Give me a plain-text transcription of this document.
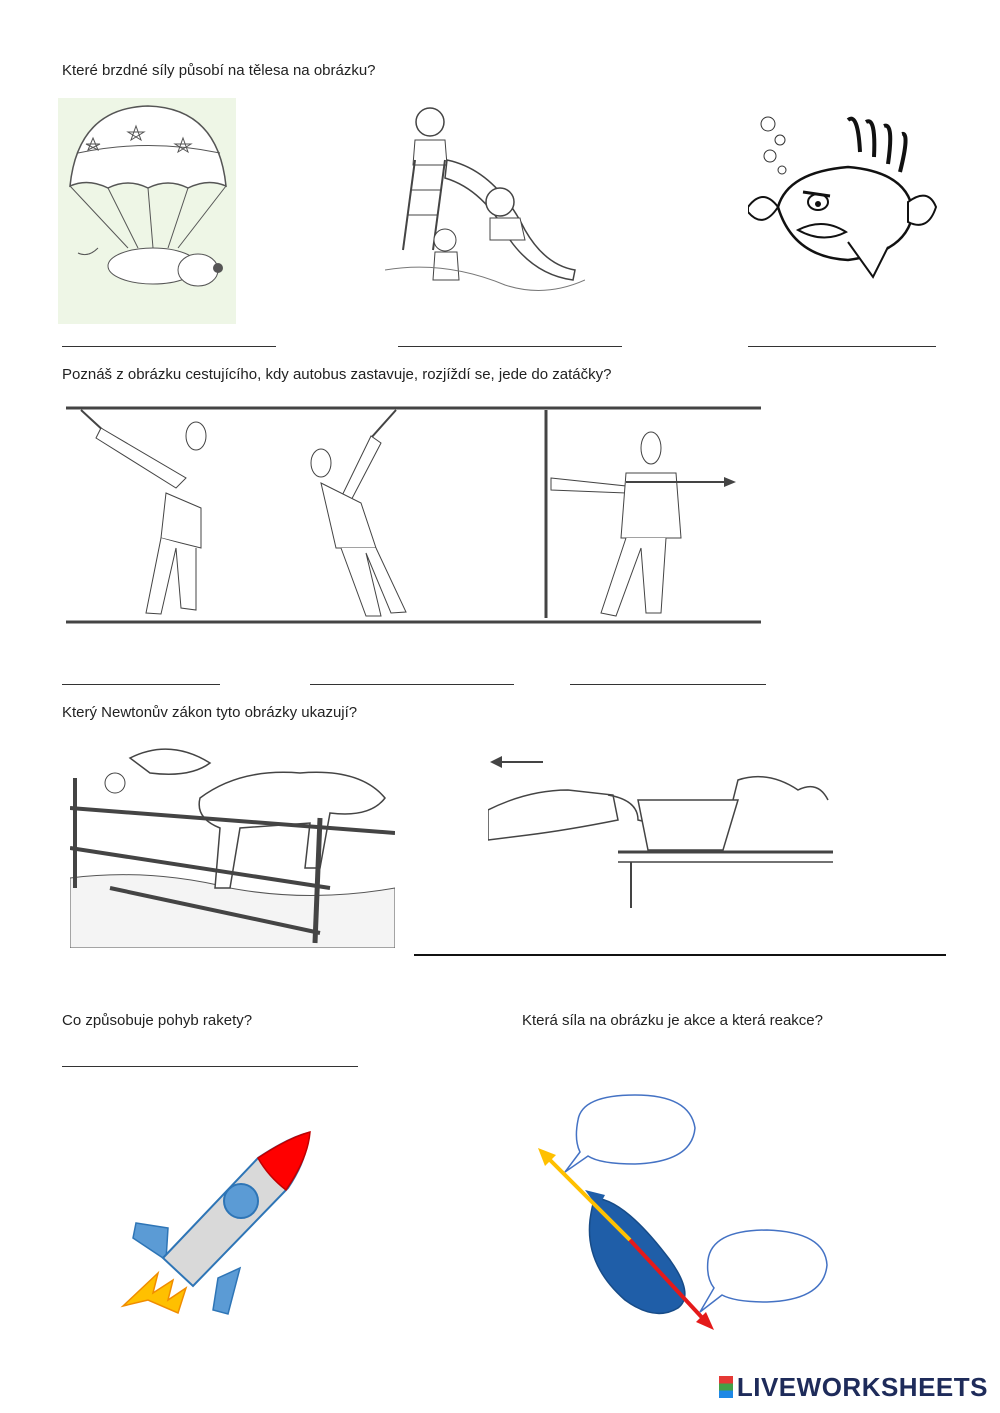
Které brzdné síly působí na tělesa na obrázku?
Poznáš z obrázku cestujícího, kdy autobus zastavuje, rozjíždí se, jede do zatáčky?
Který Newtonův zákon tyto obrázky ukazují?
Co způsobuje pohyb rakety?	Která síla na obrázku je akce a která reakce?
LIVEWORKSHEETS
